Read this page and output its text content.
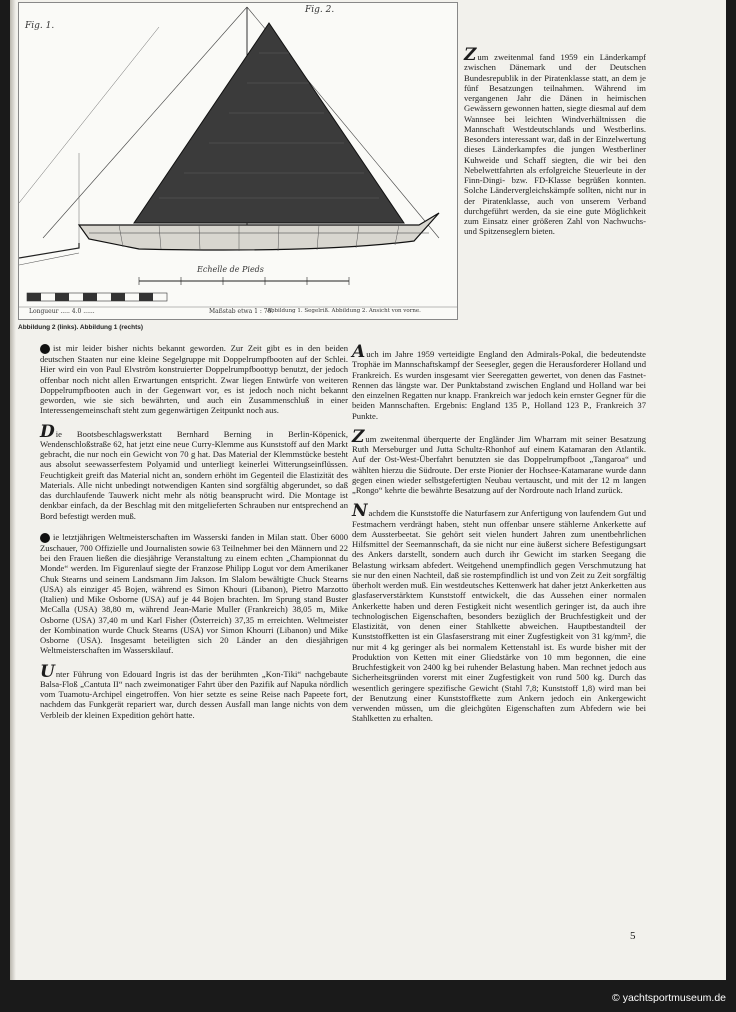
Fig. 1.
Fig. 2.
Echelle de Pieds
Longueur ..... 4.0 ......	Maßstab etwa 1 : 70.
Abbildung 1. Segelriß. Abbildung 2. Ansicht von vorne.
Abbildung 2 (links). Abbildung 1 (rechts)

Zum zweitenmal fand 1959 ein Länderkampf zwischen Dänemark und der Deutschen Bundesrepublik in der Piratenklasse statt, an dem je fünf Besatzungen teilnahmen. Während im vergangenen Jahr die Dänen in heimischen Gewässern gewonnen hatten, siegte diesmal auf dem Wannsee bei leichten Windverhältnissen die Mannschaft Westdeutschlands und Westberlins. Besonders interessant war, daß in der Einzelwertung dieses Länderkampfes die jungen Westberliner Kuhweide und Schaff siegten, die wir bei den Nebelwettfahrten als erfolgreiche Steuerleute in der Finn-Dingi- bzw. FD-Klasse begrüßen konnten. Solche Ländervergleichskämpfe sollten, nicht nur in der Piratenklasse, auch von unserem Verband durchgeführt werden, da sie eine gute Möglichkeit zum Einsatz einer größeren Zahl von Nachwuchs- und Spitzenseglern bieten.

ist mir leider bisher nichts bekannt geworden. Zur Zeit gibt es in den beiden deutschen Staaten nur eine kleine Segelgruppe mit Doppelrumpfbooten auf der Schlei. Hier wird ein von Paul Elvström konstruierter Doppelrumpfboottyp benutzt, der jedoch offenbar noch nicht allen Erwartungen entspricht. Zwar liegen Entwürfe von weiteren Doppelrumpfbooten auch in der Gegenwart vor, es ist jedoch noch nicht bekannt geworden, wie sie sich bewährten, und auch ein Zusammenschluß in einer Interessengemeinschaft steht zum gegenwärtigen Zeitpunkt noch aus.

Die Bootsbeschlagswerkstatt Bernhard Berning in Berlin-Köpenick, Wendenschloßstraße 62, hat jetzt eine neue Curry-Klemme aus Kunststoff auf den Markt gebracht, die nur noch ein Gewicht von 70 g hat. Das Material der Klemmstücke besteht aus absolut seewasserfestem Polyamid und unterliegt keinerlei Witterungseinflüssen. Feuchtigkeit greift das Material nicht an, sondern erhöht im Gegenteil die Elastizität des Materials. Alle nicht unbedingt notwendigen Kanten sind sorgfältig abgerundet, so daß das durchlaufende Tauwerk nicht mehr als nötig beansprucht wird. Die Montage ist denkbar einfach, da der Beschlag mit den mitgelieferten Schrauben nur entsprechend an Bord befestigt werden muß.

ie letztjährigen Weltmeisterschaften im Wasserski fanden in Milan statt. Über 6000 Zuschauer, 700 Offizielle und Journalisten sowie 63 Teilnehmer bei den Männern und 22 bei den Frauen ließen die diesjährige Veranstaltung zu einem echten „Championnat du Monde“ werden. Im Figurenlauf siegte der Franzose Philipp Logut vor dem Amerikaner Chuk Stearns und seinem Landsmann Jim Jakson. Im Slalom bewältigte Chuck Stearns (USA) als einziger 45 Bojen, während es Simon Khouri (Libanon), Pietro Marzotto (Italien) und Mike Osborne (USA) auf je 44 Bojen brachten. Im Sprung stand Buster McCalla (USA) 38,80 m, während Jean-Marie Muller (Frankreich) 38,05 m, Mike Osborne (USA) 37,40 m und Karl Fisher (Österreich) 37,35 m erreichten. Weltmeister der Kombination wurde Chuck Stearns (USA) vor Simon Khourri (Libanon) und Mike Osborne (USA). Insgesamt beteiligten sich 20 Länder an den diesjährigen Weltmeisterschaften im Wasserskilauf.

Unter Führung von Edouard Ingris ist das der berühmten „Kon-Tiki“ nachgebaute Balsa-Floß „Cantuta II“ nach zweimonatiger Fahrt über den Pazifik auf Napuka nördlich vom Tuamotu-Archipel eingetroffen. Von hier setzte es seine Reise nach Papeete fort, nachdem das Funkgerät repariert war, durch dessen Ausfall man lange nichts von dem Verbleib der kleinen Expedition gehört hatte.

Auch im Jahre 1959 verteidigte England den Admirals-Pokal, die bedeutendste Trophäe im Mannschaftskampf der Seesegler, gegen die Herausforderer Holland und Frankreich. Es wurden insgesamt vier Seeregatten gewertet, von denen das Fastnet-Rennen das längste war. Der Punktabstand zwischen England und Holland war bei den einzelnen Regatten nur knapp. Frankreich war jedoch kein ernster Gegner für die beiden Mannschaften. Ergebnis: England 135 P., Holland 123 P., Frankreich 37 Punkte.

Zum zweitenmal überquerte der Engländer Jim Wharram mit seiner Besatzung Ruth Merseburger und Jutta Schultz-Rhonhof auf einem Katamaran den Atlantik. Auf der Ost-West-Überfahrt benutzten sie das Doppelrumpfboot „Tangaroa“ und wählten hierzu die Südroute. Der erste Pionier der Hochsee-Katamarane wurde dann gegen einen wieder selbstgefertigten Neubau vertauscht, und mit der 12 m langen „Rongo“ kehrte die bewährte Besatzung auf der Nordroute nach Irland zurück.

Nachdem die Kunststoffe die Naturfasern zur Anfertigung von laufendem Gut und Festmachern verdrängt haben, steht nun offenbar unsere stählerne Ankerkette auf dem Aussterbeetat. Sie gehört seit vielen hundert Jahren zum unentbehrlichen Hilfsmittel der Seemannschaft, da sie nicht nur eine äußerst sichere Befestigungsart des Ankers darstellt, sondern auch durch ihr Gewicht im starken Seegang die Belastung wirksam abfedert. Weitgehend unempfindlich gegen Verschmutzung hat sie nur den einen Nachteil, daß sie rostempfindlich ist und von Zeit zu Zeit sorgfältig überholt werden muß. Ein westdeutsches Kettenwerk hat daher jetzt Ankerketten aus glasfaserverstärktem Kunststoff entwickelt, die das Aussehen einer normalen Ankerkette haben und deren Festigkeit nicht wesentlich geringer ist, da auch ihre technologischen Eigenschaften, besonders bezüglich der Bruchfestigkeit und der Elastizität, von denen einer Stahlkette abweichen. Hauptbestandteil der Kunststoffketten ist ein Glasfaserstrang mit einer Zugfestigkeit von 31 kg/mm², die nur mit 4 kg geringer als bei normalem Kettenstahl ist. Es wurde bisher mit der Produktion von Ketten mit einer Gliedstärke von 10 mm begonnen, die eine Bruchfestigkeit von 2400 kg bei ruhender Belastung haben. Man rechnet jedoch aus Sicherheitsgründen vorerst mit einer Zugfestigkeit von rund 500 kg. Durch das wesentlich geringere spezifische Gewicht (Stahl 7,8; Kunststoff 1,8) wird man bei der Benutzung einer Kunststoffkette zum Ankern jedoch ein Ankergewicht verwenden müssen, um die gleichgüten Eigenschaften zum Abfedern wie bei Stahlketten zu erhalten.

5
© yachtsportmuseum.de
